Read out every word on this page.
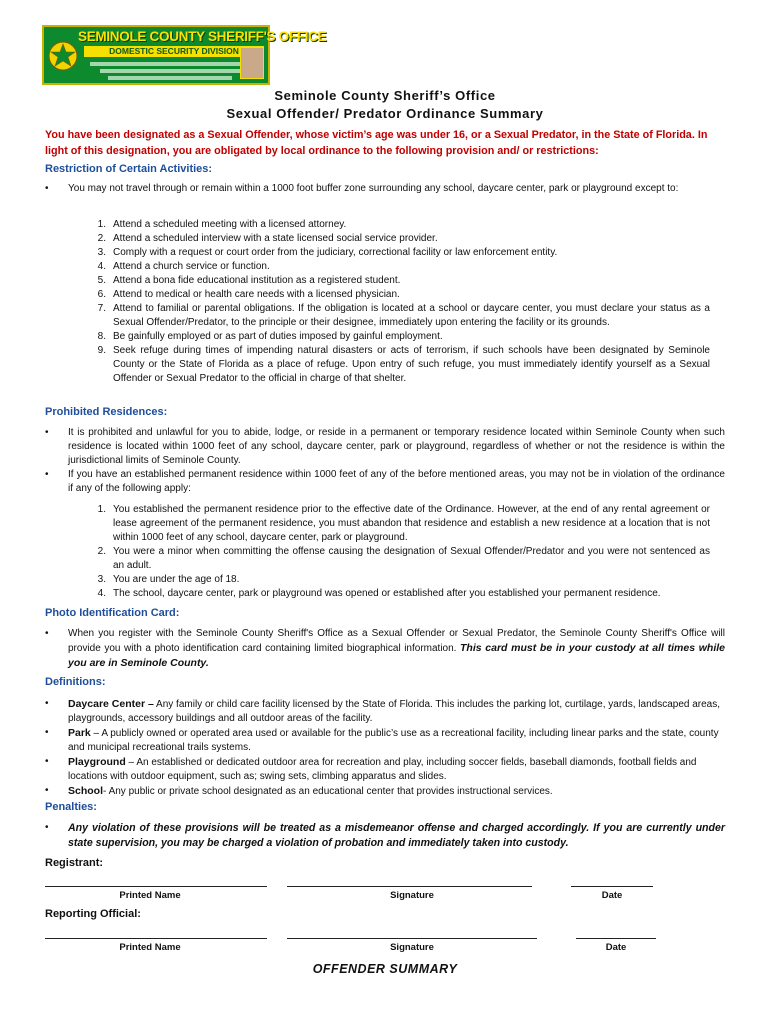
SEMINOLE COUNTY SHERIFF'S OFFICE
DOMESTIC SECURITY DIVISION
Seminole County Sheriff’s Office
Sexual Offender/ Predator Ordinance Summary
You have been designated as a Sexual Offender, whose victim’s age was under 16, or a Sexual Predator, in the State of Florida. In light of this designation, you are obligated by local ordinance to the following provision and/ or restrictions:
Restriction of Certain Activities:
• You may not travel through or remain within a 1000 foot buffer zone surrounding any school, daycare center, park or playground except to:
1. Attend a scheduled meeting with a licensed attorney.
2. Attend a scheduled interview with a state licensed social service provider.
3. Comply with a request or court order from the judiciary, correctional facility or law enforcement entity.
4. Attend a church service or function.
5. Attend a bona fide educational institution as a registered student.
6. Attend to medical or health care needs with a licensed physician.
7. Attend to familial or parental obligations. If the obligation is located at a school or daycare center, you must declare your status as a Sexual Offender/Predator, to the principle or their designee, immediately upon entering the facility or its grounds.
8. Be gainfully employed or as part of duties imposed by gainful employment.
9. Seek refuge during times of impending natural disasters or acts of terrorism, if such schools have been designated by Seminole County or the State of Florida as a place of refuge. Upon entry of such refuge, you must immediately identify yourself as a Sexual Offender or Sexual Predator to the official in charge of that shelter.
Prohibited Residences:
• It is prohibited and unlawful for you to abide, lodge, or reside in a permanent or temporary residence located within Seminole County when such residence is located within 1000 feet of any school, daycare center, park or playground, regardless of whether or not the residence is within the jurisdictional limits of Seminole County.
• If you have an established permanent residence within 1000 feet of any of the before mentioned areas, you may not be in violation of the ordinance if any of the following apply:
1. You established the permanent residence prior to the effective date of the Ordinance. However, at the end of any rental agreement or lease agreement of the permanent residence, you must abandon that residence and establish a new residence at a location that is not within 1000 feet of any school, daycare center, park or playground.
2. You were a minor when committing the offense causing the designation of Sexual Offender/Predator and you were not sentenced as an adult.
3. You are under the age of 18.
4. The school, daycare center, park or playground was opened or established after you established your permanent residence.
Photo Identification Card:
• When you register with the Seminole County Sheriff's Office as a Sexual Offender or Sexual Predator, the Seminole County Sheriff's Office will provide you with a photo identification card containing limited biographical information. This card must be in your custody at all times while you are in Seminole County.
Definitions:
• Daycare Center – Any family or child care facility licensed by the State of Florida. This includes the parking lot, curtilage, yards, landscaped areas, playgrounds, accessory buildings and all outdoor areas of the facility.
• Park – A publicly owned or operated area used or available for the public’s use as a recreational facility, including linear parks and the state, county and municipal recreational trails systems.
• Playground – An established or dedicated outdoor area for recreation and play, including soccer fields, baseball diamonds, football fields and locations with outdoor equipment, such as; swing sets, climbing apparatus and slides.
• School- Any public or private school designated as an educational center that provides instructional services.
Penalties:
• Any violation of these provisions will be treated as a misdemeanor offense and charged accordingly. If you are currently under state supervision, you may be charged a violation of probation and immediately taken into custody.
Registrant:
Printed Name	Signature	Date
Reporting Official:
Printed Name	Signature	Date
OFFENDER SUMMARY
